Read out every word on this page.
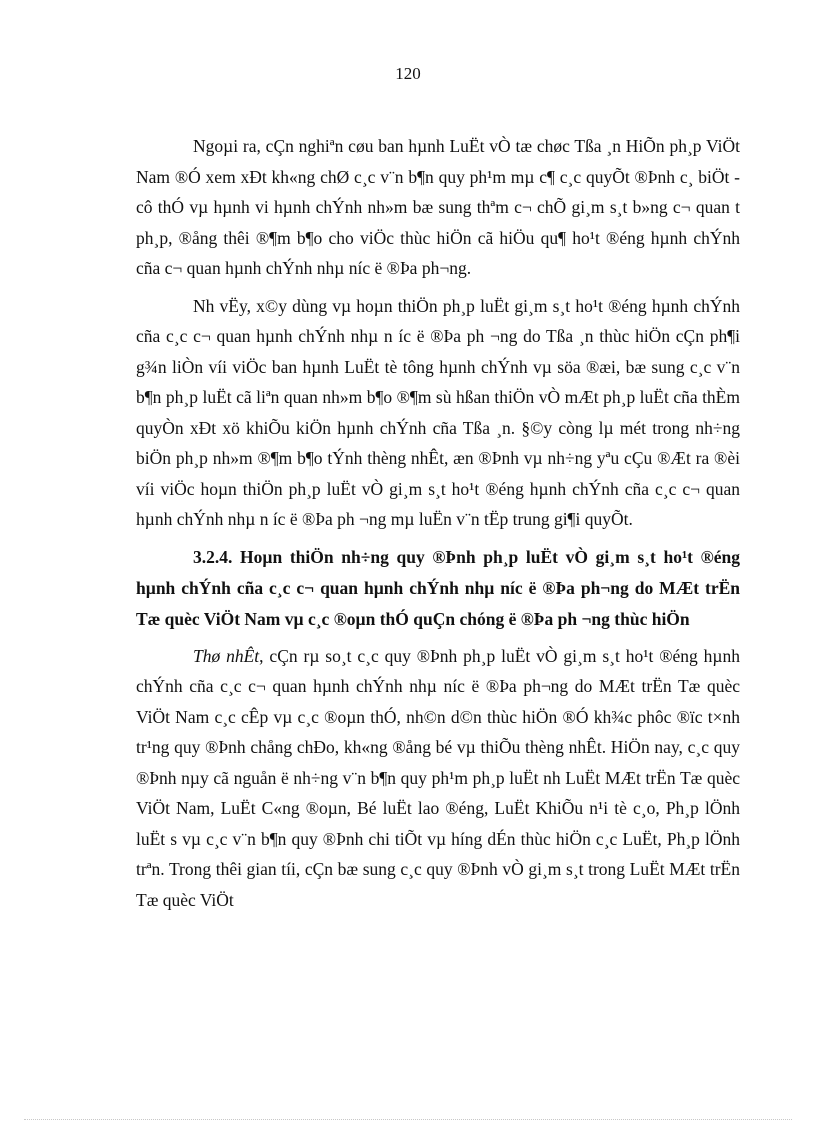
120

Ngoµi ra, cÇn nghiªn cøu ban hµnh LuËt vÒ tæ chøc Tßa ¸n HiÕn ph¸p ViÖt Nam ®Ó xem xÐt kh«ng chØ c¸c v¨n b¶n quy ph¹m mµ c¶ c¸c quyÕt ®Þnh c¸ biÖt - cô thÓ vµ hµnh vi hµnh chÝnh nh»m bæ sung thªm c¬ chÕ gi¸m s¸t b»ng c¬ quan t ph¸p, ®ång thêi ®¶m b¶o cho viÖc thùc hiÖn cã hiÖu qu¶ ho¹t ®éng hµnh chÝnh cña c¬ quan hµnh chÝnh nhµ níc ë ®Þa ph¬ng.

Nh vËy, x©y dùng vµ hoµn thiÖn ph¸p luËt gi¸m s¸t ho¹t ®éng hµnh chÝnh cña c¸c c¬ quan hµnh chÝnh nhµ n íc ë ®Þa ph ¬ng do Tßa ¸n thùc hiÖn cÇn ph¶i g¾n liÒn víi viÖc ban hµnh LuËt tè tông hµnh chÝnh vµ söa ®æi, bæ sung c¸c v¨n b¶n ph¸p luËt cã liªn quan nh»m b¶o ®¶m sù hßan thiÖn vÒ mÆt ph¸p luËt cña thÈm quyÒn xÐt xö khiÕu kiÖn hµnh chÝnh cña Tßa ¸n. §©y còng lµ mét trong nh÷ng biÖn ph¸p nh»m ®¶m b¶o tÝnh thèng nhÊt, æn ®Þnh vµ nh÷ng yªu cÇu ®Æt ra ®èi víi viÖc hoµn thiÖn ph¸p luËt vÒ gi¸m s¸t ho¹t ®éng hµnh chÝnh cña c¸c c¬ quan hµnh chÝnh nhµ n íc ë ®Þa ph ¬ng mµ luËn v¨n tËp trung gi¶i quyÕt.

3.2.4. Hoµn thiÖn nh÷ng quy ®Þnh ph¸p luËt vÒ gi¸m s¸t ho¹t ®éng hµnh chÝnh cña c¸c c¬ quan hµnh chÝnh nhµ níc ë ®Þa ph¬ng do MÆt trËn Tæ quèc ViÖt Nam vµ c¸c ®oµn thÓ quÇn chóng ë ®Þa ph ¬ng thùc hiÖn

Thø nhÊt, cÇn rµ so¸t c¸c quy ®Þnh ph¸p luËt vÒ gi¸m s¸t ho¹t ®éng hµnh chÝnh cña c¸c c¬ quan hµnh chÝnh nhµ níc ë ®Þa ph¬ng do MÆt trËn Tæ quèc ViÖt Nam c¸c cÊp vµ c¸c ®oµn thÓ, nh©n d©n thùc hiÖn ®Ó kh¾c phôc ®ïc t×nh tr¹ng quy ®Þnh chång chÐo, kh«ng ®ång bé vµ thiÕu thèng nhÊt. HiÖn nay, c¸c quy ®Þnh nµy cã nguån ë nh÷ng v¨n b¶n quy ph¹m ph¸p luËt nh LuËt MÆt trËn Tæ quèc ViÖt Nam, LuËt C«ng ®oµn, Bé luËt lao ®éng, LuËt KhiÕu n¹i tè c¸o, Ph¸p lÖnh luËt s vµ c¸c v¨n b¶n quy ®Þnh chi tiÕt vµ híng dÉn thùc hiÖn c¸c LuËt, Ph¸p lÖnh trªn. Trong thêi gian tíi, cÇn bæ sung c¸c quy ®Þnh vÒ gi¸m s¸t trong LuËt MÆt trËn Tæ quèc ViÖt
